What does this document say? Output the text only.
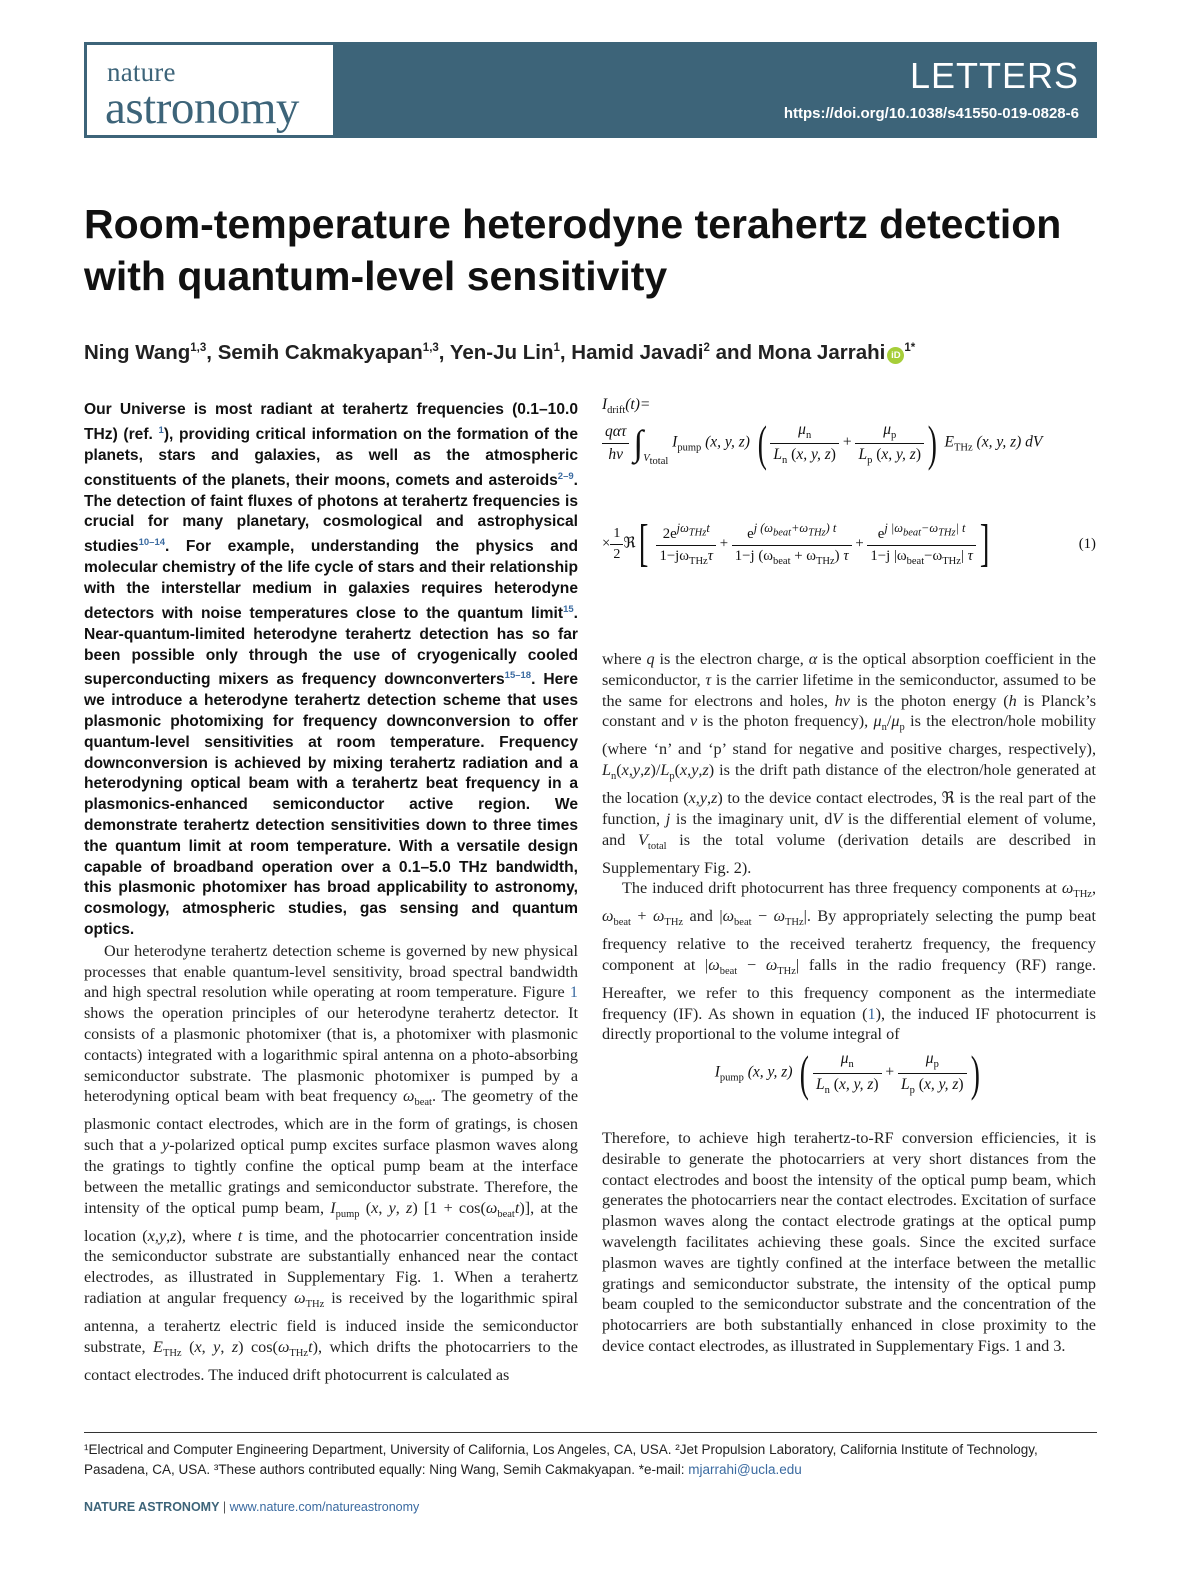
nature
astronomy
LETTERS
https://doi.org/10.1038/s41550-019-0828-6
Room-temperature heterodyne terahertz detection with quantum-level sensitivity

Ning Wang$^{1,3}$, Semih Cakmakyapan$^{1,3}$, Yen-Ju Lin$^1$, Hamid Javadi$^2$ and Mona Jarrahi $iD^{1*}$

Our Universe is most radiant at terahertz frequencies (0.1–10.0 THz) (ref. $^1$), providing critical information on the formation of the planets, stars and galaxies, as well as the atmospheric constituents of the planets, their moons, comets and asteroids$^{2-9}$. The detection of faint fluxes of photons at terahertz frequencies is crucial for many planetary, cosmological and astrophysical studies$^{10-14}$. For example, understanding the physics and molecular chemistry of the life cycle of stars and their relationship with the interstellar medium in galaxies requires heterodyne detectors with noise temperatures close to the quantum limit$^{15}$. Near-quantum-limited heterodyne terahertz detection has so far been possible only through the use of cryogenically cooled superconducting mixers as frequency downconverters$^{15-18}$. Here we introduce a heterodyne terahertz detection scheme that uses plasmonic photomixing for frequency downconversion to offer quantum-level sensitivities at room temperature. Frequency downconversion is achieved by mixing terahertz radiation and a heterodyning optical beam with a terahertz beat frequency in a plasmonics-enhanced semiconductor active region. We demonstrate terahertz detection sensitivities down to three times the quantum limit at room temperature. With a versatile design capable of broadband operation over a 0.1–5.0 THz bandwidth, this plasmonic photomixer has broad applicability to astronomy, cosmology, atmospheric studies, gas sensing and quantum optics.

Our heterodyne terahertz detection scheme is governed by new physical processes that enable quantum-level sensitivity, broad spectral bandwidth and high spectral resolution while operating at room temperature. Figure 1 shows the operation principles of our heterodyne terahertz detector. It consists of a plasmonic photomixer (that is, a photomixer with plasmonic contacts) integrated with a logarithmic spiral antenna on a photo-absorbing semiconductor substrate. The plasmonic photomixer is pumped by a heterodyning optical beam with beat frequency $\omega_{beat}$. The geometry of the plasmonic contact electrodes, which are in the form of gratings, is chosen such that a y-polarized optical pump excites surface plasmon waves along the gratings to tightly confine the optical pump beam at the interface between the metallic gratings and semiconductor substrate. Therefore, the intensity of the optical pump beam, $I_{pump}$ (x, y, z) $[1 + \cos(\omega_{beat}t)]$, at the location (x,y,z), where t is time, and the photocarrier concentration inside the semiconductor substrate are substantially enhanced near the contact electrodes, as illustrated in Supplementary Fig. 1. When a terahertz radiation at angular frequency $\omega_{THz}$ is received by the logarithmic spiral antenna, a terahertz electric field is induced inside the semiconductor substrate, $E_{THz}$ (x, y, z) $\cos(\omega_{THz}t)$, which drifts the photocarriers to the contact electrodes. The induced drift photocurrent is calculated as

$I_{drift}(t)=$
$\frac{\text{qατ}}{h\nu} \int_{V_{total}}$ $I_{pump}$ (x, y, z) ( $\frac{\mu_n}{L_n (x, y, z)} + \frac{\mu_p}{L_p (x, y, z)}$ ) $E_{THz}$ (x, y, z) dV
× $\frac{1}{2}$ ℜ[ $\frac{2e^{j\omega_{THz}t}}{1-j\omega_{THz}\tau} + \frac{e^{j (\omega_{beat}+\omega_{THz}) t}}{1-j (\omega_{beat} + \omega_{THz}) \tau} + \frac{e^{j |\omega_{beat}-\omega_{THz}| t}}{1-j |\omega_{beat}-\omega_{THz}| \tau}$ ]	(1)

where q is the electron charge, α is the optical absorption coefficient in the semiconductor, τ is the carrier lifetime in the semiconductor, assumed to be the same for electrons and holes, hν is the photon energy (h is Planck’s constant and ν is the photon frequency), $\mu_n/\mu_p$ is the electron/hole mobility (where ‘n’ and ‘p’ stand for negative and positive charges, respectively), $L_n(x,y,z)/L_p(x,y,z)$ is the drift path distance of the electron/hole generated at the location (x,y,z) to the device contact electrodes, ℜ is the real part of the function, j is the imaginary unit, dV is the differential element of volume, and $V_{total}$ is the total volume (derivation details are described in Supplementary Fig. 2).

The induced drift photocurrent has three frequency components at $\omega_{THz}$, $\omega_{beat} + \omega_{THz}$ and $|\omega_{beat} - \omega_{THz}|$. By appropriately selecting the pump beat frequency relative to the received terahertz frequency, the frequency component at $|\omega_{beat} - \omega_{THz}|$ falls in the radio frequency (RF) range. Hereafter, we refer to this frequency component as the intermediate frequency (IF). As shown in equation (1), the induced IF photocurrent is directly proportional to the volume integral of

$I_{pump}$ (x, y, z) ( $\frac{\mu_n}{L_n (x, y, z)} + \frac{\mu_p}{L_p (x, y, z)}$ )

Therefore, to achieve high terahertz-to-RF conversion efficiencies, it is desirable to generate the photocarriers at very short distances from the contact electrodes and boost the intensity of the optical pump beam, which generates the photocarriers near the contact electrodes. Excitation of surface plasmon waves along the contact electrode gratings at the optical pump wavelength facilitates achieving these goals. Since the excited surface plasmon waves are tightly confined at the interface between the metallic gratings and semiconductor substrate, the intensity of the optical pump beam coupled to the semiconductor substrate and the concentration of the photocarriers are both substantially enhanced in close proximity to the device contact electrodes, as illustrated in Supplementary Figs. 1 and 3.

¹Electrical and Computer Engineering Department, University of California, Los Angeles, CA, USA. ²Jet Propulsion Laboratory, California Institute of Technology, Pasadena, CA, USA. ³These authors contributed equally: Ning Wang, Semih Cakmakyapan. *e-mail: mjarrahi@ucla.edu

NATURE ASTRONOMY | www.nature.com/natureastronomy
